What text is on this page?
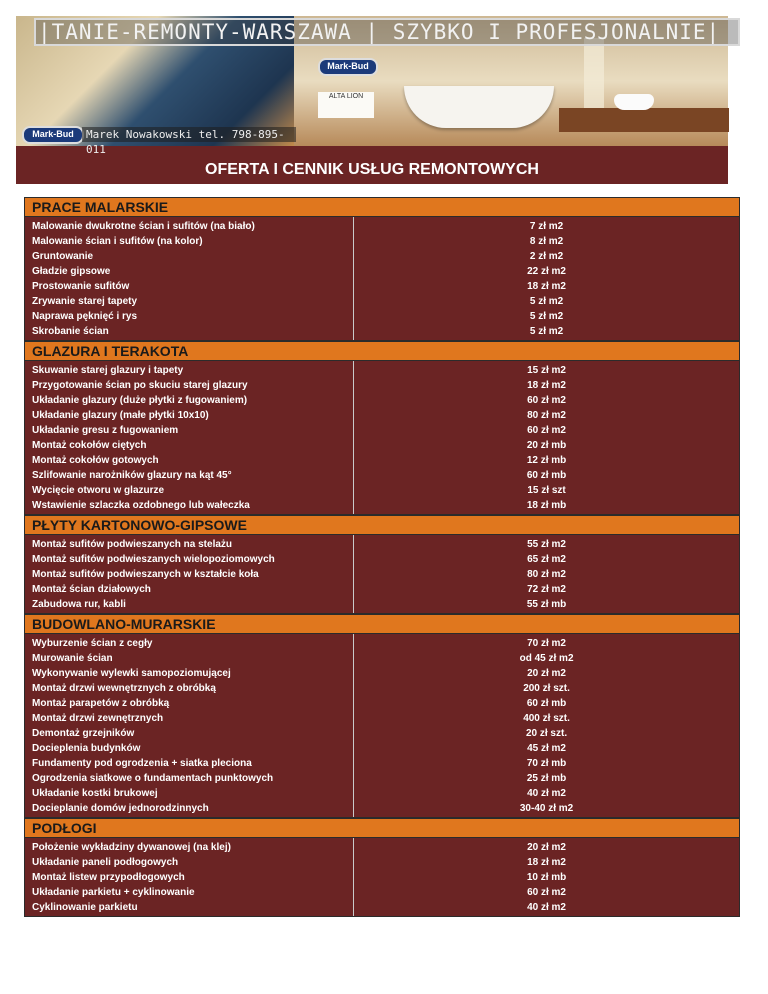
|TANIE-REMONTY-WARSZAWA | SZYBKO I PROFESJONALNIE|
Mark-Bud
Mark-Bud
ALTA LION
Marek Nowakowski tel. 798-895-011
OFERTA I CENNIK USŁUG REMONTOWYCH
PRACE MALARSKIE
Malowanie dwukrotne ścian i sufitów (na biało)
Malowanie ścian i sufitów (na kolor)
Gruntowanie
Gładzie gipsowe
Prostowanie sufitów
Zrywanie starej tapety
Naprawa pęknięć i rys
Skrobanie ścian
7 zł m2
8 zł m2
2 zł m2
22 zł m2
18 zł m2
5 zł m2
5 zł m2
5 zł m2
GLAZURA I TERAKOTA
Skuwanie starej glazury i tapety
Przygotowanie ścian po skuciu starej glazury
Układanie glazury (duże płytki z fugowaniem)
Układanie glazury (małe płytki 10x10)
Układanie gresu z fugowaniem
Montaż cokołów ciętych
Montaż cokołów gotowych
Szlifowanie narożników glazury na kąt 45°
Wycięcie otworu w glazurze
Wstawienie szlaczka ozdobnego lub wałeczka
15 zł m2
18 zł m2
60 zł m2
80 zł m2
60 zł m2
20 zł mb
12 zł mb
60 zł mb
15 zł szt
18 zł mb
PŁYTY KARTONOWO-GIPSOWE
Montaż sufitów podwieszanych na stelażu
Montaż sufitów podwieszanych wielopoziomowych
Montaż sufitów podwieszanych w kształcie koła
Montaż ścian działowych
Zabudowa rur, kabli
55 zł m2
65 zł m2
80 zł m2
72 zł m2
55 zł mb
BUDOWLANO-MURARSKIE
Wyburzenie ścian z cegły
Murowanie ścian
Wykonywanie wylewki samopoziomującej
Montaż drzwi wewnętrznych z obróbką
Montaż parapetów z obróbką
Montaż drzwi zewnętrznych
Demontaż grzejników
Docieplenia budynków
Fundamenty pod ogrodzenia + siatka pleciona
Ogrodzenia siatkowe o fundamentach punktowych
Układanie kostki brukowej
Docieplanie domów jednorodzinnych
70 zł m2
od 45 zł m2
20 zł m2
200 zł szt.
60 zł mb
400 zł szt.
20 zł szt.
45 zł m2
70 zł mb
25 zł mb
40 zł m2
30-40 zł m2
PODŁOGI
Położenie wykładziny dywanowej (na klej)
Układanie paneli podłogowych
Montaż listew przypodłogowych
Układanie parkietu + cyklinowanie
Cyklinowanie parkietu
20 zł m2
18 zł m2
10 zł mb
60 zł m2
40 zł m2
